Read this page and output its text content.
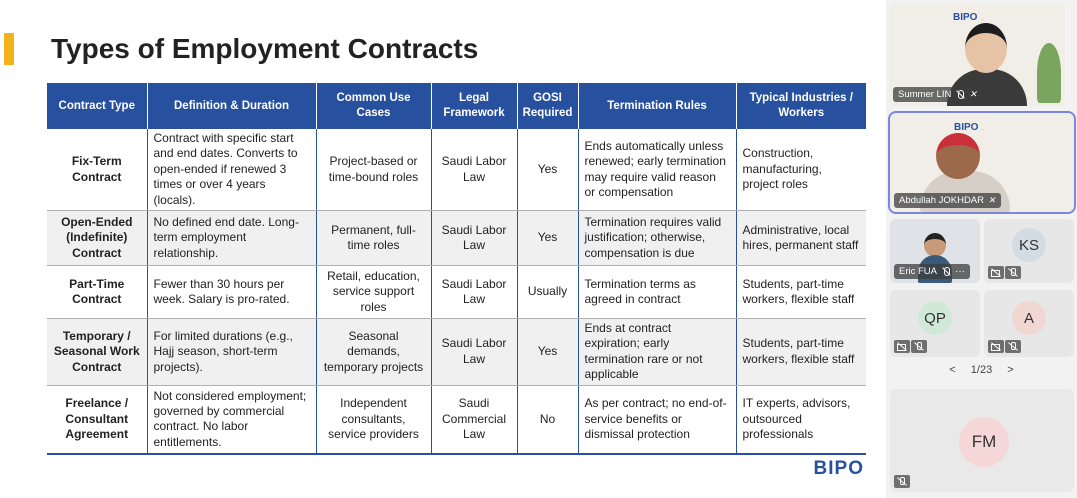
Types of Employment Contracts
Contract Type	Definition & Duration	Common Use Cases	Legal Framework	GOSI Required	Termination Rules	Typical Industries / Workers
Fix-Term Contract	Contract with specific start and end dates. Converts to open-ended if renewed 3 times or over 4 years (locals).	Project-based or time-bound roles	Saudi Labor Law	Yes	Ends automatically unless renewed; early termination may require valid reason or compensation	Construction, manufacturing, project roles
Open-Ended (Indefinite) Contract	No defined end date. Long-term employment relationship.	Permanent, full-time roles	Saudi Labor Law	Yes	Termination requires valid justification; otherwise, compensation is due	Administrative, local hires, permanent staff
Part-Time Contract	Fewer than 30 hours per week. Salary is pro-rated.	Retail, education, service support roles	Saudi Labor Law	Usually	Termination terms as agreed in contract	Students, part-time workers, flexible staff
Temporary / Seasonal Work Contract	For limited durations (e.g., Hajj season, short-term projects).	Seasonal demands, temporary projects	Saudi Labor Law	Yes	Ends at contract expiration; early termination rare or not applicable	Students, part-time workers, flexible staff
Freelance / Consultant Agreement	Not considered employment; governed by commercial contract. No labor entitlements.	Independent consultants, service providers	Saudi Commercial Law	No	As per contract; no end-of-service benefits or dismissal protection	IT experts, advisors, outsourced professionals
BIPO
BIPO ...
Summer LIN ✕
BIPO ...
Abdullah JOKHDAR ✕
Eric FUA ···
KS
QP	A
< 1/23 >
FM
